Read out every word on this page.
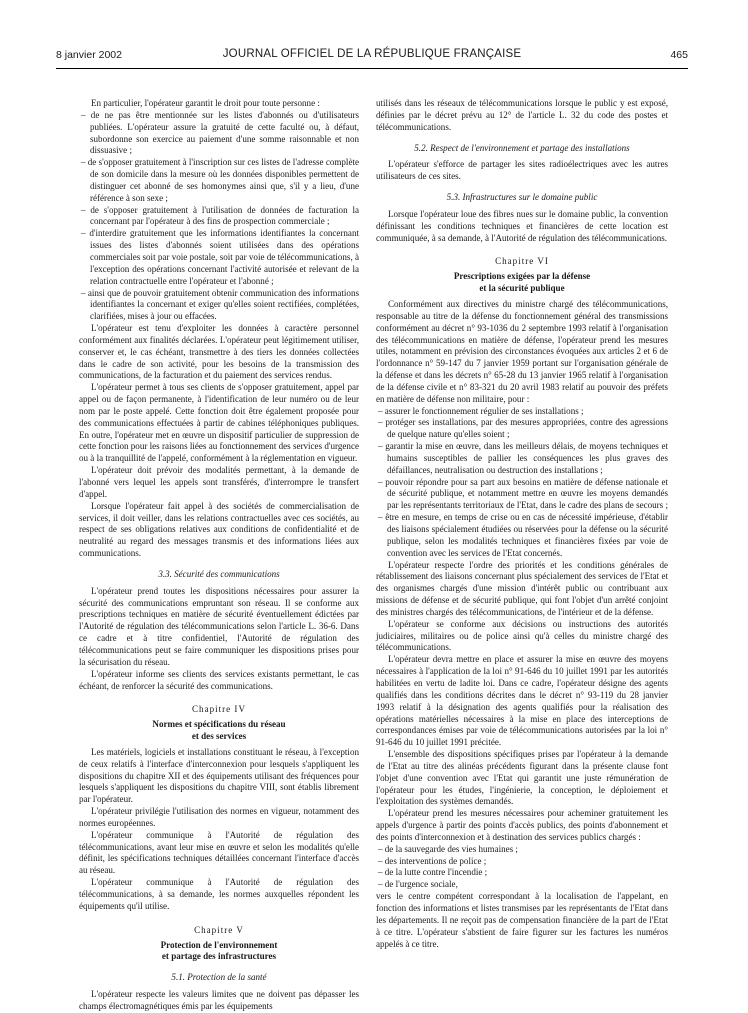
8 janvier 2002	JOURNAL OFFICIEL DE LA RÉPUBLIQUE FRANÇAISE	465

En particulier, l'opérateur garantit le droit pour toute personne :

– de ne pas être mentionnée sur les listes d'abonnés ou d'utilisateurs publiées. L'opérateur assure la gratuité de cette faculté ou, à défaut, subordonne son exercice au paiement d'une somme raisonnable et non dissuasive ;
– de s'opposer gratuitement à l'inscription sur ces listes de l'adresse complète de son domicile dans la mesure où les données disponibles permettent de distinguer cet abonné de ses homonymes ainsi que, s'il y a lieu, d'une référence à son sexe ;
– de s'opposer gratuitement à l'utilisation de données de facturation la concernant par l'opérateur à des fins de prospection commerciale ;
– d'interdire gratuitement que les informations identifiantes la concernant issues des listes d'abonnés soient utilisées dans des opérations commerciales soit par voie postale, soit par voie de télécommunications, à l'exception des opérations concernant l'activité autorisée et relevant de la relation contractuelle entre l'opérateur et l'abonné ;
– ainsi que de pouvoir gratuitement obtenir communication des informations identifiantes la concernant et exiger qu'elles soient rectifiées, complétées, clarifiées, mises à jour ou effacées.

L'opérateur est tenu d'exploiter les données à caractère personnel conformément aux finalités déclarées. L'opérateur peut légitimement utiliser, conserver et, le cas échéant, transmettre à des tiers les données collectées dans le cadre de son activité, pour les besoins de la transmission des communications, de la facturation et du paiement des services rendus.

L'opérateur permet à tous ses clients de s'opposer gratuitement, appel par appel ou de façon permanente, à l'identification de leur numéro ou de leur nom par le poste appelé. Cette fonction doit être également proposée pour des communications effectuées à partir de cabines téléphoniques publiques. En outre, l'opérateur met en œuvre un dispositif particulier de suppression de cette fonction pour les raisons liées au fonctionnement des services d'urgence ou à la tranquillité de l'appelé, conformément à la réglementation en vigueur.

L'opérateur doit prévoir des modalités permettant, à la demande de l'abonné vers lequel les appels sont transférés, d'interrompre le transfert d'appel.

Lorsque l'opérateur fait appel à des sociétés de commercialisation de services, il doit veiller, dans les relations contractuelles avec ces sociétés, au respect de ses obligations relatives aux conditions de confidentialité et de neutralité au regard des messages transmis et des informations liées aux communications.

3.3. Sécurité des communications

L'opérateur prend toutes les dispositions nécessaires pour assurer la sécurité des communications empruntant son réseau. Il se conforme aux prescriptions techniques en matière de sécurité éventuellement édictées par l'Autorité de régulation des télécommunications selon l'article L. 36-6. Dans ce cadre et à titre confidentiel, l'Autorité de régulation des télécommunications peut se faire communiquer les dispositions prises pour la sécurisation du réseau.

L'opérateur informe ses clients des services existants permettant, le cas échéant, de renforcer la sécurité des communications.

Chapitre IV

Normes et spécifications du réseau
et des services

Les matériels, logiciels et installations constituant le réseau, à l'exception de ceux relatifs à l'interface d'interconnexion pour lesquels s'appliquent les dispositions du chapitre XII et des équipements utilisant des fréquences pour lesquels s'appliquent les dispositions du chapitre VIII, sont établis librement par l'opérateur.

L'opérateur privilégie l'utilisation des normes en vigueur, notamment des normes européennes.

L'opérateur communique à l'Autorité de régulation des télécommunications, avant leur mise en œuvre et selon les modalités qu'elle définit, les spécifications techniques détaillées concernant l'interface d'accès au réseau.

L'opérateur communique à l'Autorité de régulation des télécommunications, à sa demande, les normes auxquelles répondent les équipements qu'il utilise.

Chapitre V

Protection de l'environnement
et partage des infrastructures

5.1. Protection de la santé

L'opérateur respecte les valeurs limites que ne doivent pas dépasser les champs électromagnétiques émis par les équipements

utilisés dans les réseaux de télécommunications lorsque le public y est exposé, définies par le décret prévu au 12° de l'article L. 32 du code des postes et télécommunications.

5.2. Respect de l'environnement et partage des installations

L'opérateur s'efforce de partager les sites radioélectriques avec les autres utilisateurs de ces sites.

5.3. Infrastructures sur le domaine public

Lorsque l'opérateur loue des fibres nues sur le domaine public, la convention définissant les conditions techniques et financières de cette location est communiquée, à sa demande, à l'Autorité de régulation des télécommunications.

Chapitre VI

Prescriptions exigées par la défense
et la sécurité publique

Conformément aux directives du ministre chargé des télécommunications, responsable au titre de la défense du fonctionnement général des transmissions conformément au décret n° 93-1036 du 2 septembre 1993 relatif à l'organisation des télécommunications en matière de défense, l'opérateur prend les mesures utiles, notamment en prévision des circonstances évoquées aux articles 2 et 6 de l'ordonnance n° 59-147 du 7 janvier 1959 portant sur l'organisation générale de la défense et dans les décrets n° 65-28 du 13 janvier 1965 relatif à l'organisation de la défense civile et n° 83-321 du 20 avril 1983 relatif au pouvoir des préfets en matière de défense non militaire, pour :

– assurer le fonctionnement régulier de ses installations ;
– protéger ses installations, par des mesures appropriées, contre des agressions de quelque nature qu'elles soient ;
– garantir la mise en œuvre, dans les meilleurs délais, de moyens techniques et humains susceptibles de pallier les conséquences les plus graves des défaillances, neutralisation ou destruction des installations ;
– pouvoir répondre pour sa part aux besoins en matière de défense nationale et de sécurité publique, et notamment mettre en œuvre les moyens demandés par les représentants territoriaux de l'Etat, dans le cadre des plans de secours ;
– être en mesure, en temps de crise ou en cas de nécessité impérieuse, d'établir des liaisons spécialement étudiées ou réservées pour la défense ou la sécurité publique, selon les modalités techniques et financières fixées par voie de convention avec les services de l'Etat concernés.

L'opérateur respecte l'ordre des priorités et les conditions générales de rétablissement des liaisons concernant plus spécialement des services de l'Etat et des organismes chargés d'une mission d'intérêt public ou contribuant aux missions de défense et de sécurité publique, qui font l'objet d'un arrêté conjoint des ministres chargés des télécommunications, de l'intérieur et de la défense.

L'opérateur se conforme aux décisions ou instructions des autorités judiciaires, militaires ou de police ainsi qu'à celles du ministre chargé des télécommunications.

L'opérateur devra mettre en place et assurer la mise en œuvre des moyens nécessaires à l'application de la loi n° 91-646 du 10 juillet 1991 par les autorités habilitées en vertu de ladite loi. Dans ce cadre, l'opérateur désigne des agents qualifiés dans les conditions décrites dans le décret n° 93-119 du 28 janvier 1993 relatif à la désignation des agents qualifiés pour la réalisation des opérations matérielles nécessaires à la mise en place des interceptions de correspondances émises par voie de télécommunications autorisées par la loi n° 91-646 du 10 juillet 1991 précitée.

L'ensemble des dispositions spécifiques prises par l'opérateur à la demande de l'Etat au titre des alinéas précédents figurant dans la présente clause font l'objet d'une convention avec l'Etat qui garantit une juste rémunération de l'opérateur pour les études, l'ingénierie, la conception, le déploiement et l'exploitation des systèmes demandés.

L'opérateur prend les mesures nécessaires pour acheminer gratuitement les appels d'urgence à partir des points d'accès publics, des points d'abonnement et des points d'interconnexion et à destination des services publics chargés :

– de la sauvegarde des vies humaines ;
– des interventions de police ;
– de la lutte contre l'incendie ;
– de l'urgence sociale,

vers le centre compétent correspondant à la localisation de l'appelant, en fonction des informations et listes transmises par les représentants de l'Etat dans les départements. Il ne reçoit pas de compensation financière de la part de l'Etat à ce titre. L'opérateur s'abstient de faire figurer sur les factures les numéros appelés à ce titre.
